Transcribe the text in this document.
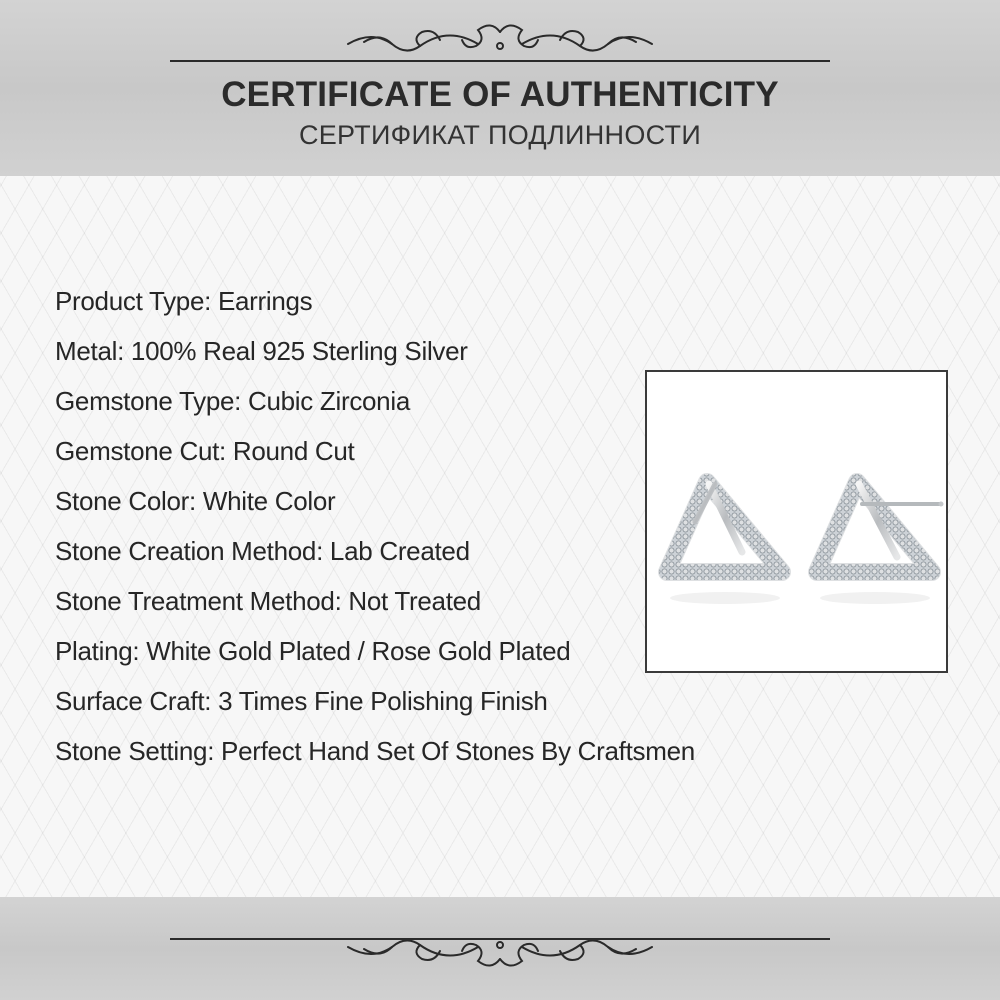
CERTIFICATE OF AUTHENTICITY
СЕРТИФИКАТ ПОДЛИННОСТИ
Product Type: Earrings
Metal: 100% Real 925 Sterling Silver
Gemstone Type: Cubic Zirconia
Gemstone Cut: Round Cut
Stone Color: White Color
Stone Creation Method: Lab Created
Stone Treatment Method: Not Treated
Plating: White Gold Plated / Rose Gold Plated
Surface Craft: 3 Times Fine Polishing Finish
Stone Setting: Perfect Hand Set Of Stones By Craftsmen
